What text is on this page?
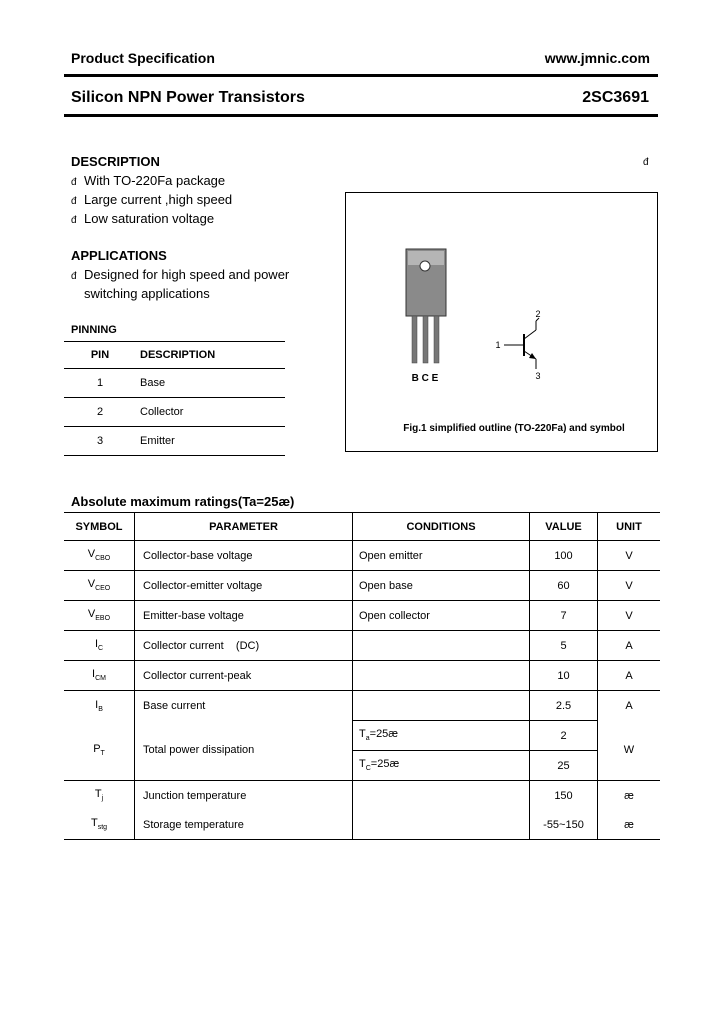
Product Specification	www.jmnic.com
Silicon NPN Power Transistors	2SC3691
DESCRIPTION	đ
đ With TO-220Fa package
đ Large current ,high speed
đ Low saturation voltage
APPLICATIONS
đ Designed for high speed and power
switching applications
PINNING
PIN	DESCRIPTION
1	Base
2	Collector
3	Emitter
B C E
1
2
3
Fig.1 simplified outline (TO-220Fa) and symbol
Absolute maximum ratings(Ta=25æ)
SYMBOL	PARAMETER	CONDITIONS	VALUE	UNIT
$V_{CBO}$	Collector-base voltage	Open emitter	100	V
$V_{CEO}$	Collector-emitter voltage	Open base	60	V
$V_{EBO}$	Emitter-base voltage	Open collector	7	V
$I_C$	Collector current    (DC)		5	A
$I_{CM}$	Collector current-peak		10	A
$I_B$	Base current		2.5	A
$P_T$	Total power dissipation	$T_a=25æ$	2	W
		$T_C=25æ$	25	
$T_j$	Junction temperature		150	æ
$T_{stg}$	Storage temperature		-55~150	æ
